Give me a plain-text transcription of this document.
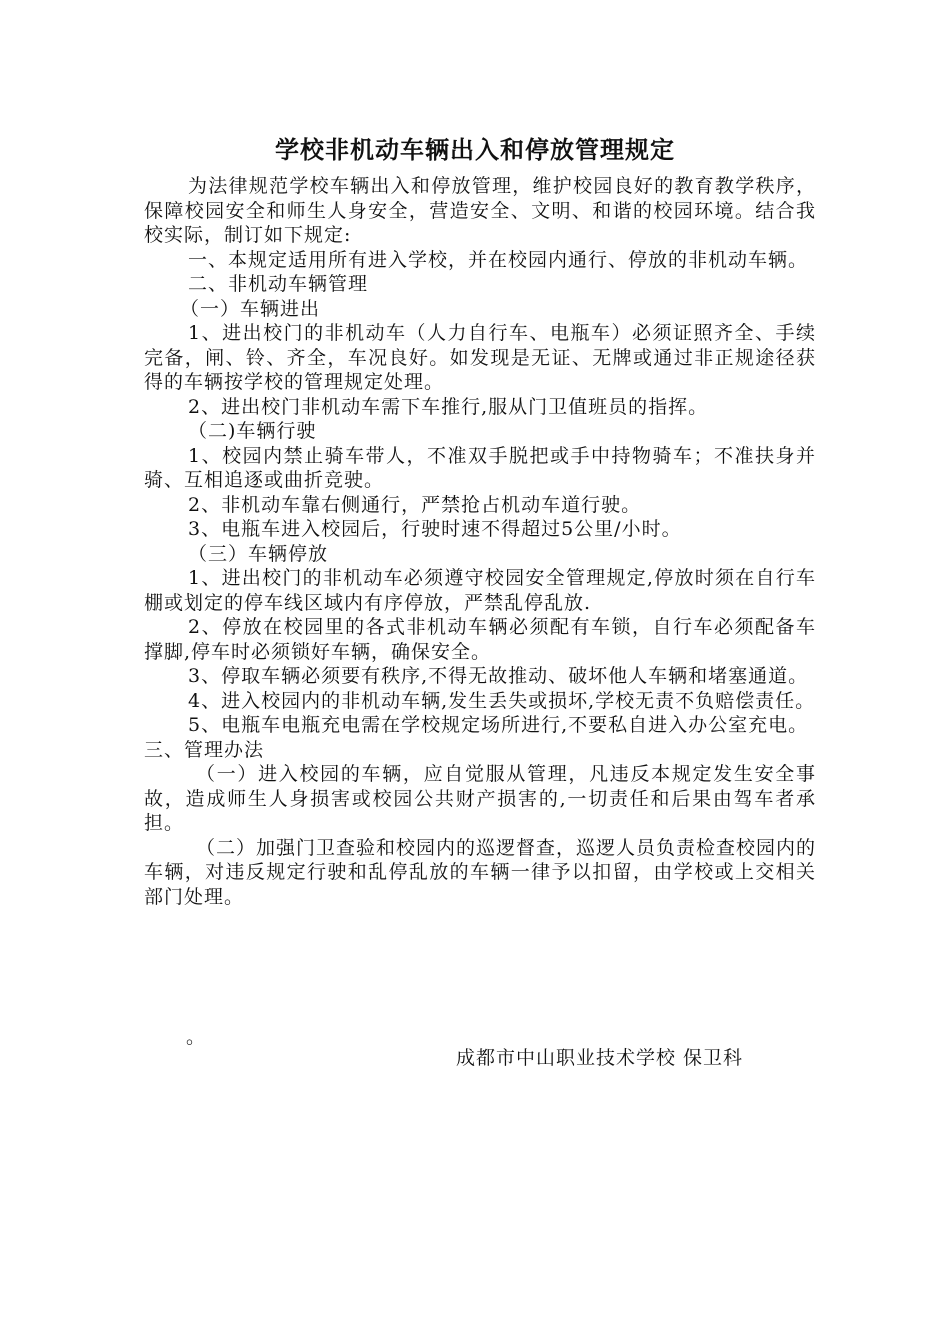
学校非机动车辆出入和停放管理规定

为法律规范学校车辆出入和停放管理，维护校园良好的教育教学秩序，保障校园安全和师生人身安全，营造安全、文明、和谐的校园环境。结合我校实际，制订如下规定:

一、本规定适用所有进入学校，并在校园内通行、停放的非机动车辆。

二、非机动车辆管理

（一）车辆进出

1、进出校门的非机动车（人力自行车、电瓶车）必须证照齐全、手续完备，闸、铃、齐全，车况良好。如发现是无证、无牌或通过非正规途径获得的车辆按学校的管理规定处理。

2、进出校门非机动车需下车推行,服从门卫值班员的指挥。

（二)车辆行驶

1、校园内禁止骑车带人，不准双手脱把或手中持物骑车；不准扶身并骑、互相追逐或曲折竞驶。

2、非机动车靠右侧通行，严禁抢占机动车道行驶。

3、电瓶车进入校园后，行驶时速不得超过5公里/小时。

（三）车辆停放

1、进出校门的非机动车必须遵守校园安全管理规定,停放时须在自行车棚或划定的停车线区域内有序停放，严禁乱停乱放.

2、停放在校园里的各式非机动车辆必须配有车锁，自行车必须配备车撑脚,停车时必须锁好车辆，确保安全。

3、停取车辆必须要有秩序,不得无故推动、破坏他人车辆和堵塞通道。

4、进入校园内的非机动车辆,发生丢失或损坏,学校无责不负赔偿责任。

5、电瓶车电瓶充电需在学校规定场所进行,不要私自进入办公室充电。

三、管理办法

（一）进入校园的车辆，应自觉服从管理，凡违反本规定发生安全事故，造成师生人身损害或校园公共财产损害的,一切责任和后果由驾车者承担。

（二）加强门卫查验和校园内的巡逻督查，巡逻人员负责检查校园内的车辆，对违反规定行驶和乱停乱放的车辆一律予以扣留，由学校或上交相关部门处理。

。
成都市中山职业技术学校 保卫科
